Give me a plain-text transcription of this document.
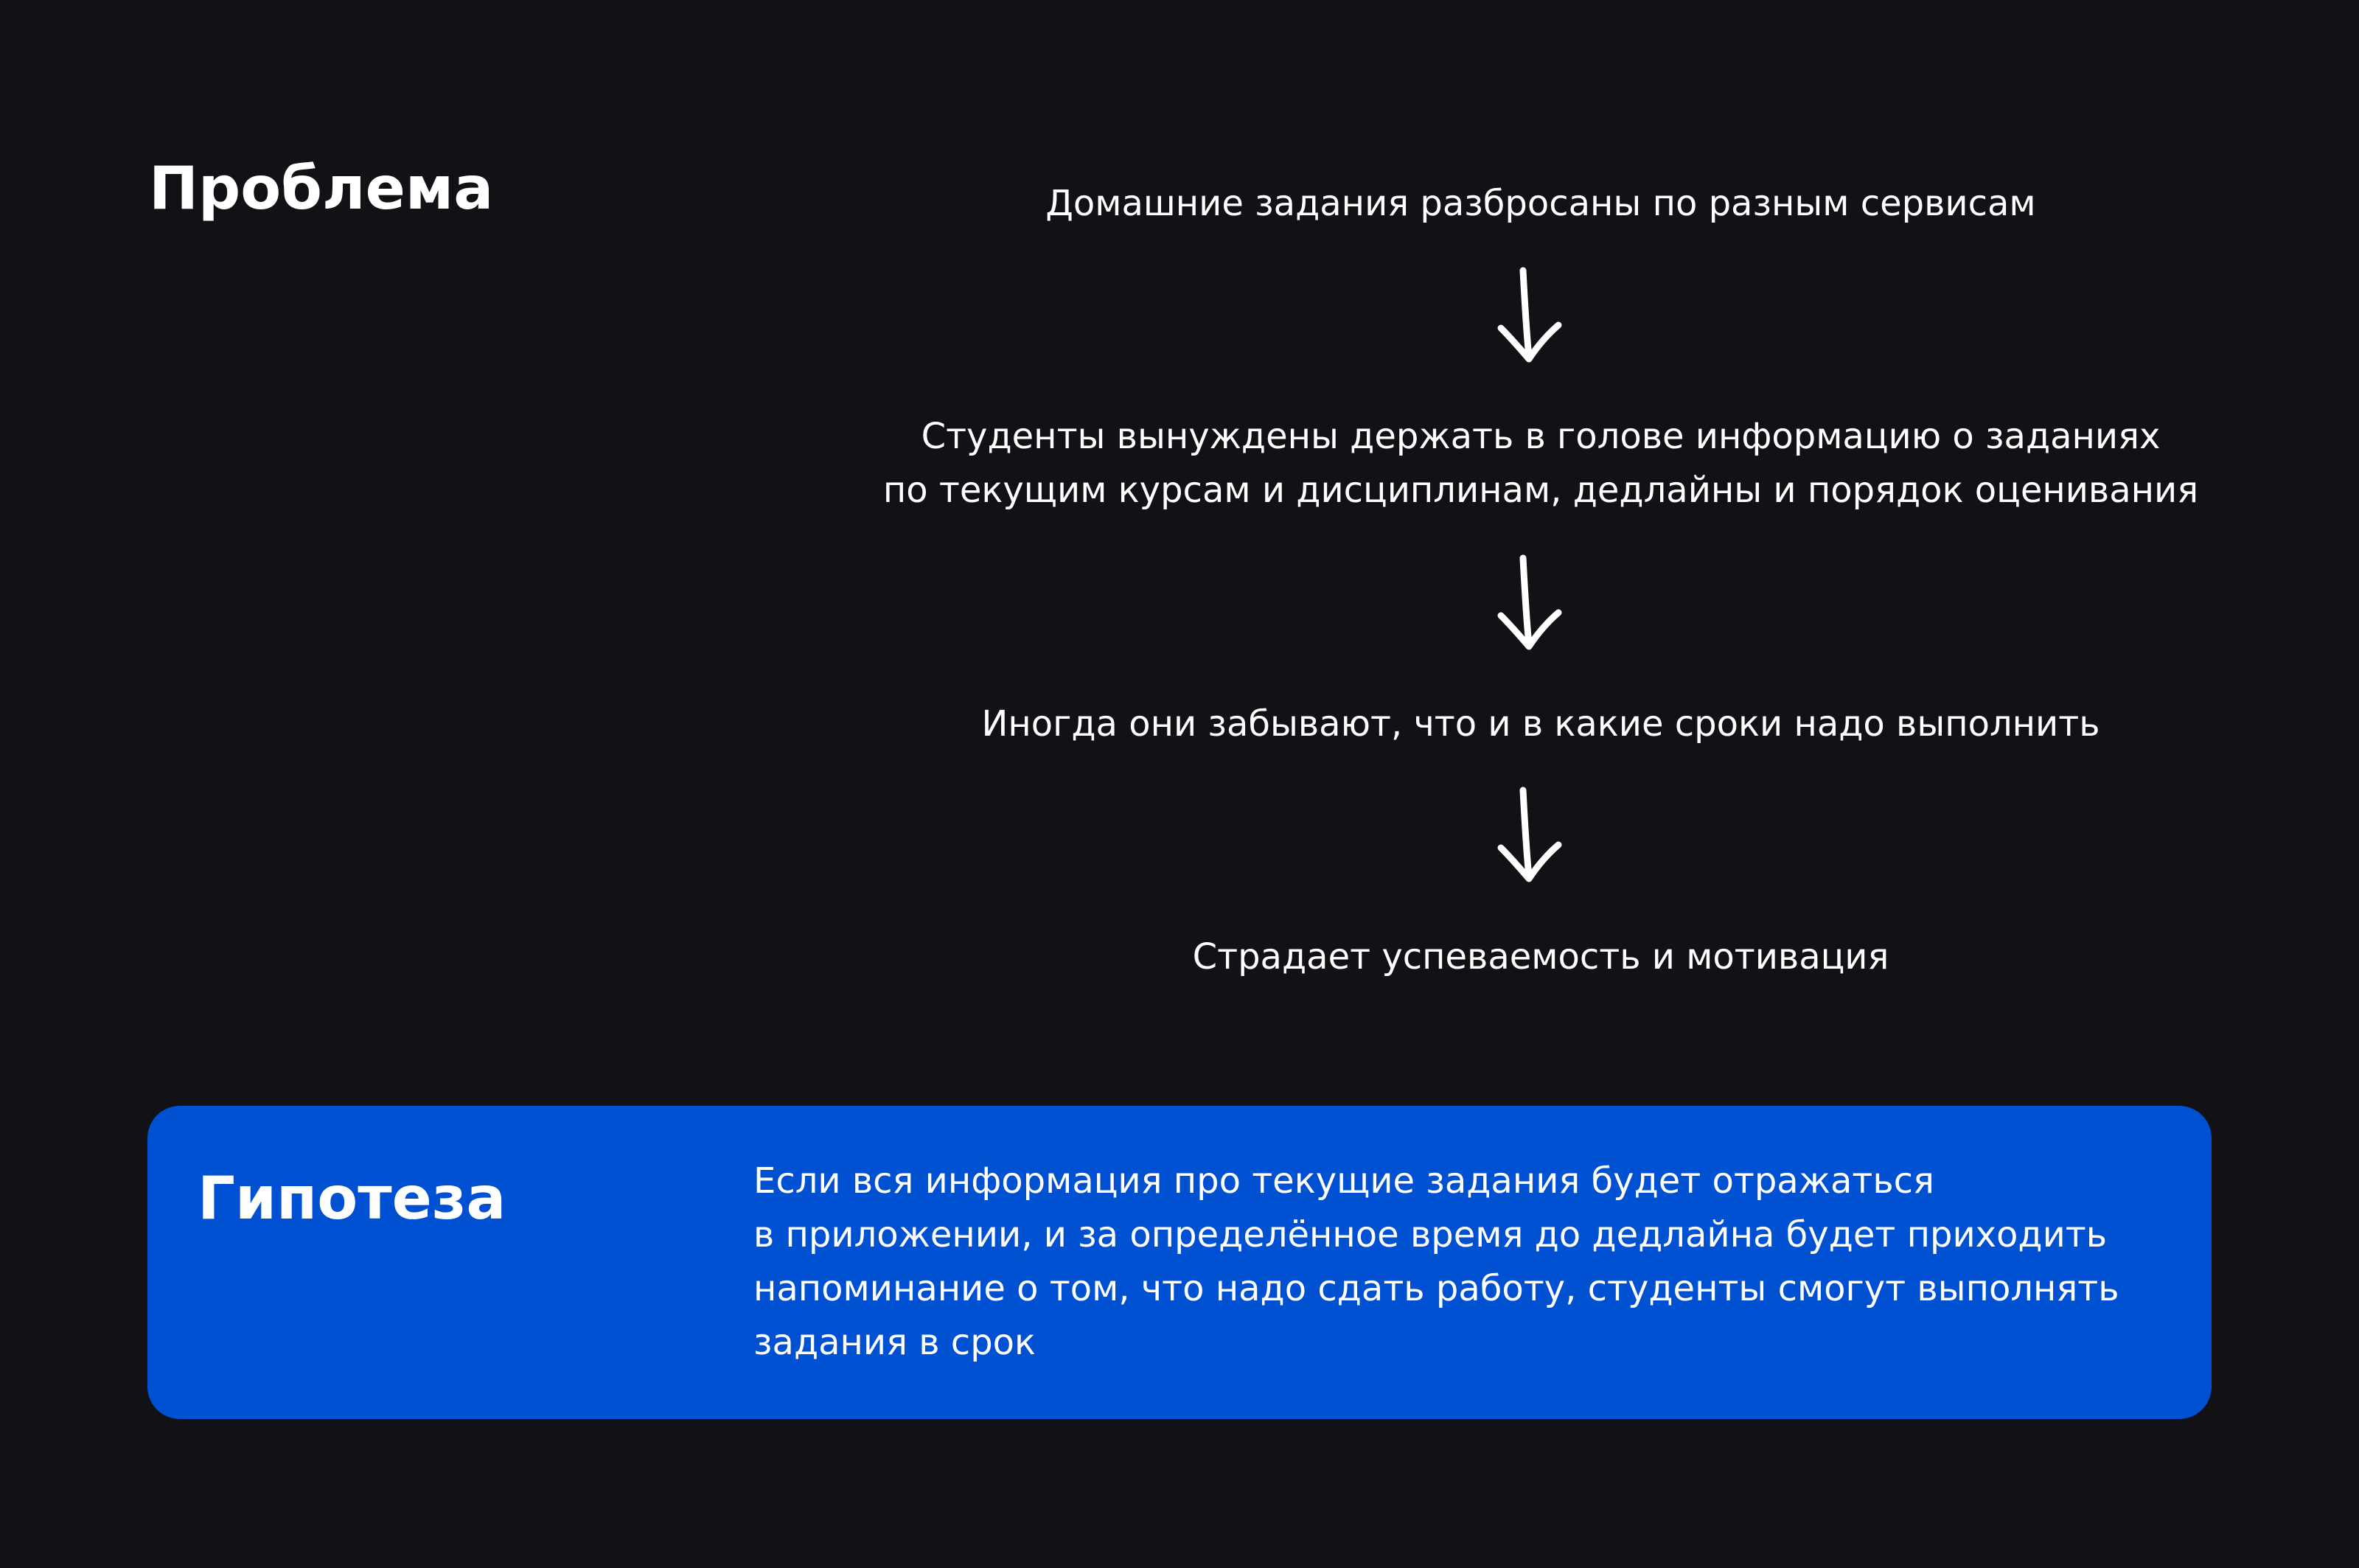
Проблема	Домашние задания разбросаны по разным сервисам
Студенты вынуждены держать в голове информацию о заданиях
по текущим курсам и дисциплинам, дедлайны и порядок оценивания
Иногда они забывают, что и в какие сроки надо выполнить
Страдает успеваемость и мотивация
Гипотеза	Если вся информация про текущие задания будет отражаться
в приложении, и за определённое время до дедлайна будет приходить
напоминание о том, что надо сдать работу, студенты смогут выполнять
задания в срок
